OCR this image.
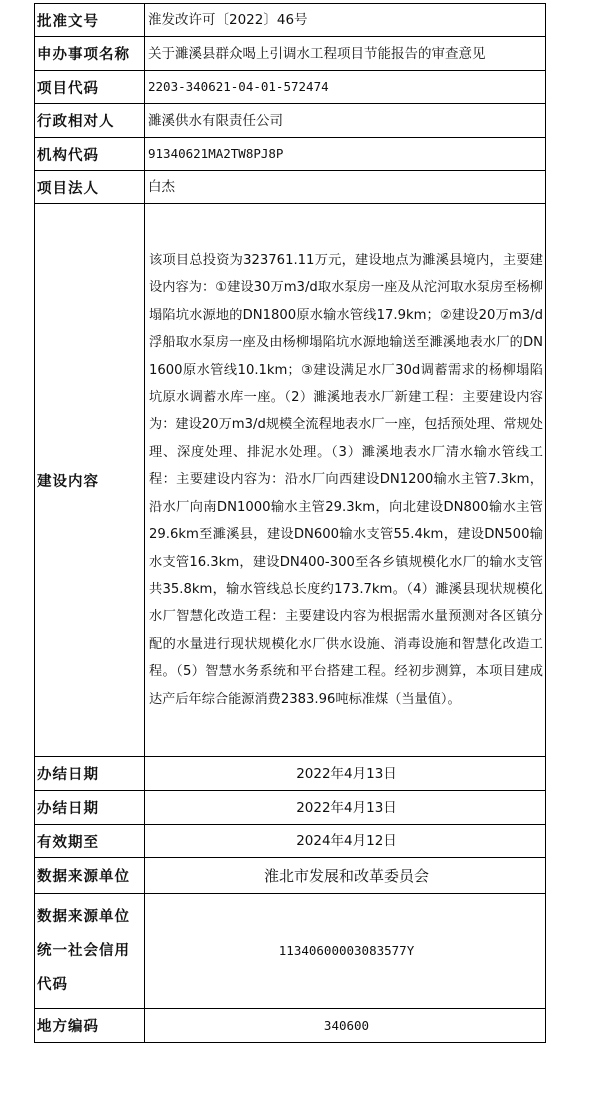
批准文号	淮发改许可〔2022〕46号
申办事项名称	关于濉溪县群众喝上引调水工程项目节能报告的审查意见
项目代码	2203-340621-04-01-572474
行政相对人	濉溪供水有限责任公司
机构代码	91340621MA2TW8PJ8P
项目法人	白杰
建设内容	该项目总投资为323761.11万元，建设地点为濉溪县境内，主要建设内容为：①建设30万m3/d取水泵房一座及从沱河取水泵房至杨柳塌陷坑水源地的DN1800原水输水管线17.9km；②建设20万m3/d浮船取水泵房一座及由杨柳塌陷坑水源地输送至濉溪地表水厂的DN1600原水管线10.1km；③建设满足水厂30d调蓄需求的杨柳塌陷坑原水调蓄水库一座。（2）濉溪地表水厂新建工程：主要建设内容为：建设20万m3/d规模全流程地表水厂一座，包括预处理、常规处理、深度处理、排泥水处理。（3）濉溪地表水厂清水输水管线工程：主要建设内容为：沿水厂向西建设DN1200输水主管7.3km，沿水厂向南DN1000输水主管29.3km，向北建设DN800输水主管29.6km至濉溪县，建设DN600输水支管55.4km，建设DN500输水支管16.3km，建设DN400-300至各乡镇规模化水厂的输水支管共35.8km，输水管线总长度约173.7km。（4）濉溪县现状规模化水厂智慧化改造工程：主要建设内容为根据需水量预测对各区镇分配的水量进行现状规模化水厂供水设施、消毒设施和智慧化改造工程。（5）智慧水务系统和平台搭建工程。经初步测算，本项目建成达产后年综合能源消费2383.96吨标准煤（当量值）。
办结日期	2022年4月13日
办结日期	2022年4月13日
有效期至	2024年4月12日
数据来源单位	淮北市发展和改革委员会
数据来源单位统一社会信用代码	11340600003083577Y
地方编码	340600
